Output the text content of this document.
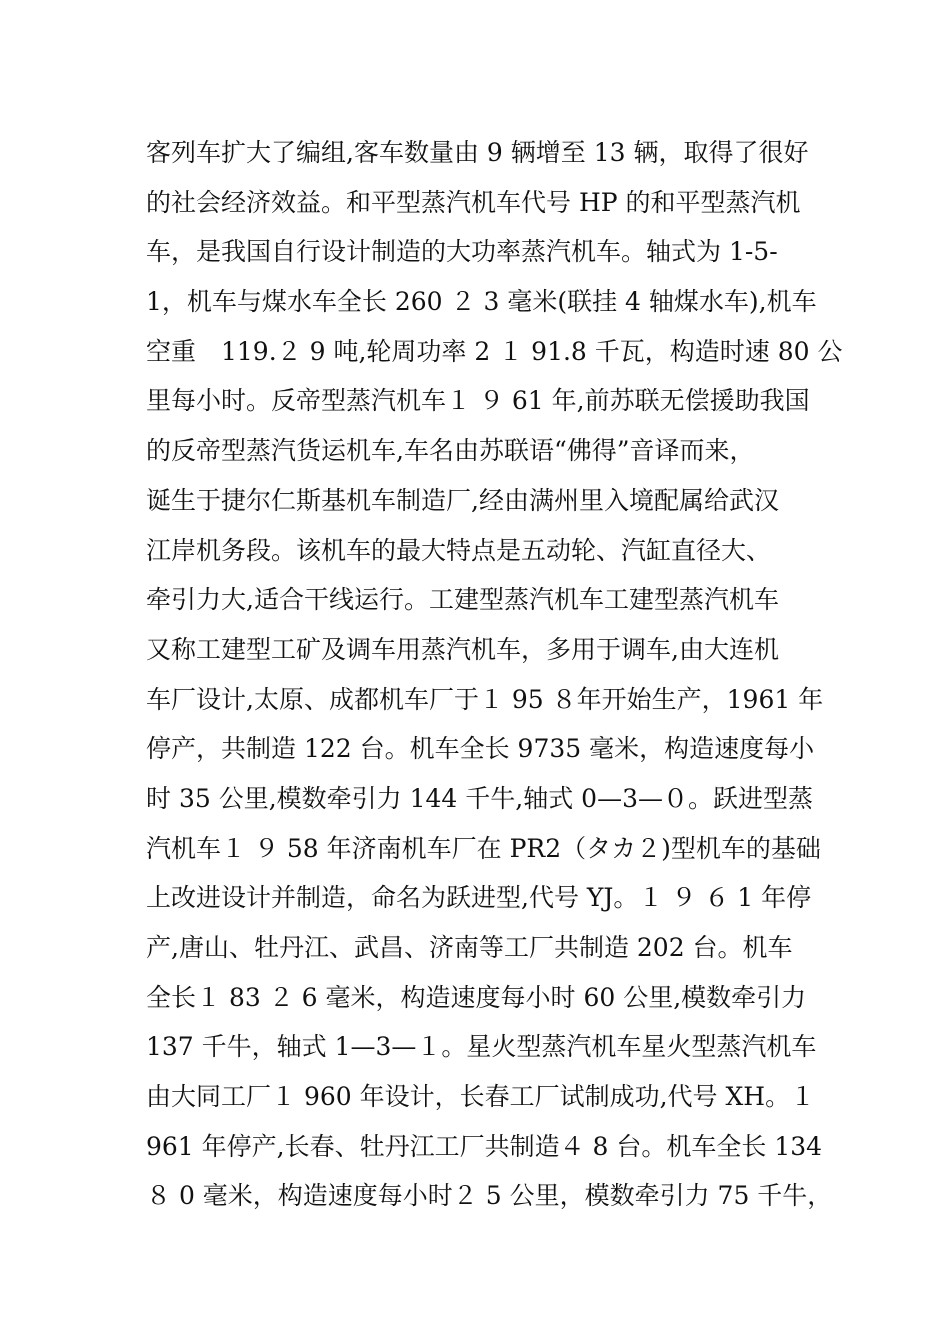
客列车扩大了编组,客车数量由 9 辆增至 13 辆，取得了很好
的社会经济效益。和平型蒸汽机车代号 HP 的和平型蒸汽机
车，是我国自行设计制造的大功率蒸汽机车。轴式为 1-5-
1，机车与煤水车全长 260 ２ 3 毫米(联挂 4 轴煤水车),机车
空重　119.２ 9 吨,轮周功率 2 １ 91.8 千瓦，构造时速 80 公
里每小时。反帝型蒸汽机车１ ９ 61 年,前苏联无偿援助我国
的反帝型蒸汽货运机车,车名由苏联语“佛得”音译而来，
诞生于捷尔仁斯基机车制造厂,经由满州里入境配属给武汉
江岸机务段。该机车的最大特点是五动轮、汽缸直径大、
牵引力大,适合干线运行。工建型蒸汽机车工建型蒸汽机车
又称工建型工矿及调车用蒸汽机车，多用于调车,由大连机
车厂设计,太原、成都机车厂于１ 95 ８年开始生产，1961 年
停产，共制造 122 台。机车全长 9735 毫米，构造速度每小
时 35 公里,模数牵引力 144 千牛,轴式 0—3—０。跃进型蒸
汽机车１ ９ 58 年济南机车厂在 PR2（タカ２)型机车的基础
上改进设计并制造，命名为跃进型,代号 YJ。１ ９ ６ 1 年停
产,唐山、牡丹江、武昌、济南等工厂共制造 202 台。机车
全长１ 83 ２ 6 毫米，构造速度每小时 60 公里,模数牵引力
137 千牛，轴式 1—3—１。星火型蒸汽机车星火型蒸汽机车
由大同工厂１ 960 年设计，长春工厂试制成功,代号 XH。１
961 年停产,长春、牡丹江工厂共制造４ 8 台。机车全长 134
８ 0 毫米，构造速度每小时２ 5 公里，模数牵引力 75 千牛，
